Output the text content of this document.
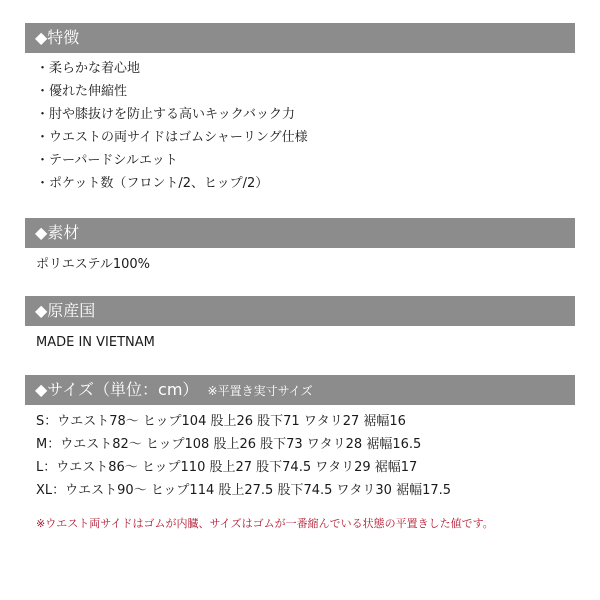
◆特徴
・柔らかな着心地
・優れた伸縮性
・肘や膝抜けを防止する高いキックバック力
・ウエストの両サイドはゴムシャーリング仕様
・テーパードシルエット
・ポケット数（フロント/2、ヒップ/2）
◆素材
ポリエステル100%
◆原産国
MADE IN VIETNAM
◆サイズ（単位：cm） ※平置き実寸サイズ
S：ウエスト78〜 ヒップ104 股上26 股下71 ワタリ27 裾幅16
M：ウエスト82〜 ヒップ108 股上26 股下73 ワタリ28 裾幅16.5
L：ウエスト86〜 ヒップ110 股上27 股下74.5 ワタリ29 裾幅17
XL：ウエスト90〜 ヒップ114 股上27.5 股下74.5 ワタリ30 裾幅17.5
※ウエスト両サイドはゴムが内臓、サイズはゴムが一番縮んでいる状態の平置きした値です。
